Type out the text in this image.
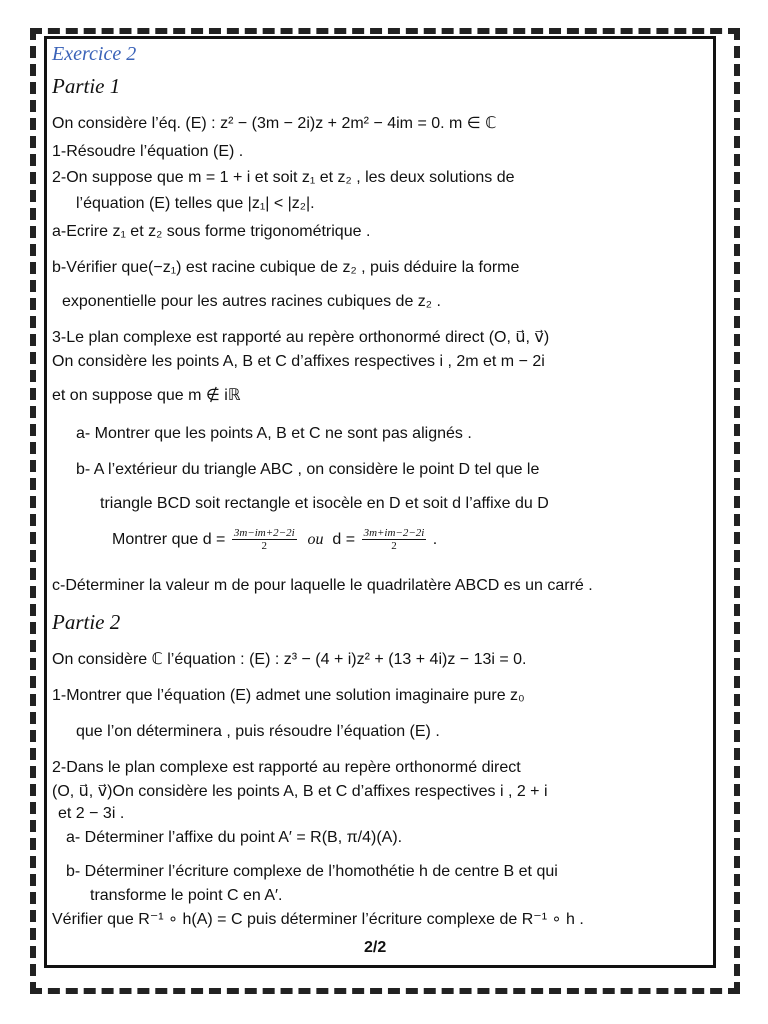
Exercice 2
Partie 1
On considère l’éq. (E) : z² − (3m − 2i)z + 2m² − 4im = 0. m ∈ ℂ
1-Résoudre l’équation (E) .
2-On suppose que m = 1 + i et soit z₁ et z₂ , les deux solutions de
l’équation (E) telles que |z₁| < |z₂|.
a-Ecrire z₁ et z₂ sous forme trigonométrique .
b-Vérifier que(−z₁) est racine cubique de z₂ , puis déduire la forme
exponentielle pour les autres racines cubiques de z₂ .
3-Le plan complexe est rapporté au repère orthonormé direct (O, u⃗, v⃗)
On considère les points A, B et C d’affixes respectives i , 2m et m − 2i
et on suppose que m ∉ iℝ
a- Montrer que les points A, B et C ne sont pas alignés .
b- A l’extérieur du triangle ABC , on considère le point D tel que le
triangle BCD soit rectangle et isocèle en D et soit d l’affixe du D
Montrer que $d = \frac{3m-im+2-2i}{2}$ ou $d = \frac{3m+im-2-2i}{2}$ .
c-Déterminer la valeur m de pour laquelle le quadrilatère ABCD es un carré .
Partie 2
On considère ℂ l’équation : (E) : z³ − (4 + i)z² + (13 + 4i)z − 13i = 0.
1-Montrer que l’équation (E) admet une solution imaginaire pure z₀
que l’on déterminera , puis résoudre l’équation (E) .
2-Dans le plan complexe est rapporté au repère orthonormé direct
(O, u⃗, v⃗)On considère les points A, B et C d’affixes respectives i , 2 + i
et 2 − 3i .
a- Déterminer l’affixe du point A′ = R(B, π/4)(A).
b- Déterminer l’écriture complexe de l’homothétie h de centre B et qui
transforme le point C en A′.
Vérifier que R⁻¹ ∘ h(A) = C puis déterminer l’écriture complexe de R⁻¹ ∘ h .
2/2
